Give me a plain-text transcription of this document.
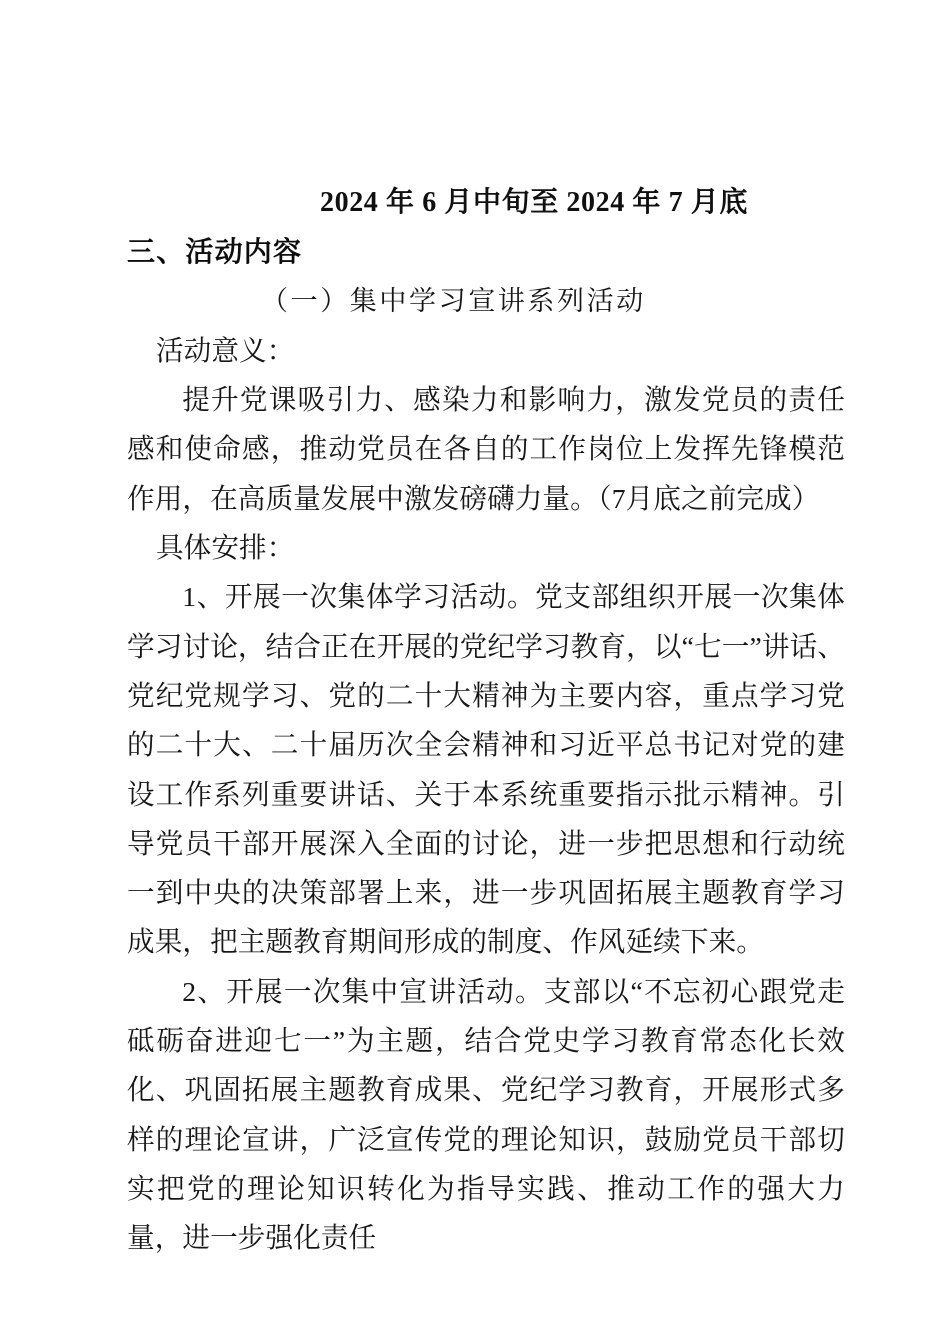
2024 年 6 月中旬至 2024 年 7 月底
三、活动内容
（一）集中学习宣讲系列活动

活动意义：

提升党课吸引力、感染力和影响力，激发党员的责任感和使命感，推动党员在各自的工作岗位上发挥先锋模范作用，在高质量发展中激发磅礴力量。（7月底之前完成）

具体安排：

1、开展一次集体学习活动。党支部组织开展一次集体学习讨论，结合正在开展的党纪学习教育，以“七一”讲话、党纪党规学习、党的二十大精神为主要内容，重点学习党的二十大、二十届历次全会精神和习近平总书记对党的建设工作系列重要讲话、关于本系统重要指示批示精神。引导党员干部开展深入全面的讨论，进一步把思想和行动统一到中央的决策部署上来，进一步巩固拓展主题教育学习成果，把主题教育期间形成的制度、作风延续下来。

2、开展一次集中宣讲活动。支部以“不忘初心跟党走 砥砺奋进迎七一”为主题，结合党史学习教育常态化长效化、巩固拓展主题教育成果、党纪学习教育，开展形式多样的理论宣讲，广泛宣传党的理论知识，鼓励党员干部切实把党的理论知识转化为指导实践、推动工作的强大力量，进一步强化责任
